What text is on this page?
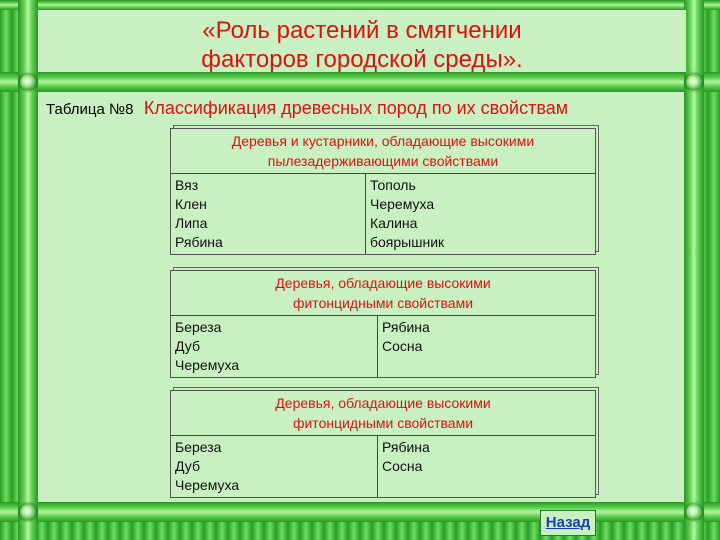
«Роль растений в смягчении
факторов городской среды».
Таблица №8 Классификация древесных пород по их свойствам
Деревья и кустарники, обладающие высокими
пылезадерживающими свойствами
Вяз
Клен
Липа
Рябина
Тополь
Черемуха
Калина
боярышник
Деревья, обладающие высокими
фитонцидными свойствами
Береза
Дуб
Черемуха
Рябина
Сосна
Деревья, обладающие высокими
фитонцидными свойствами
Береза
Дуб
Черемуха
Рябина
Сосна
Назад
